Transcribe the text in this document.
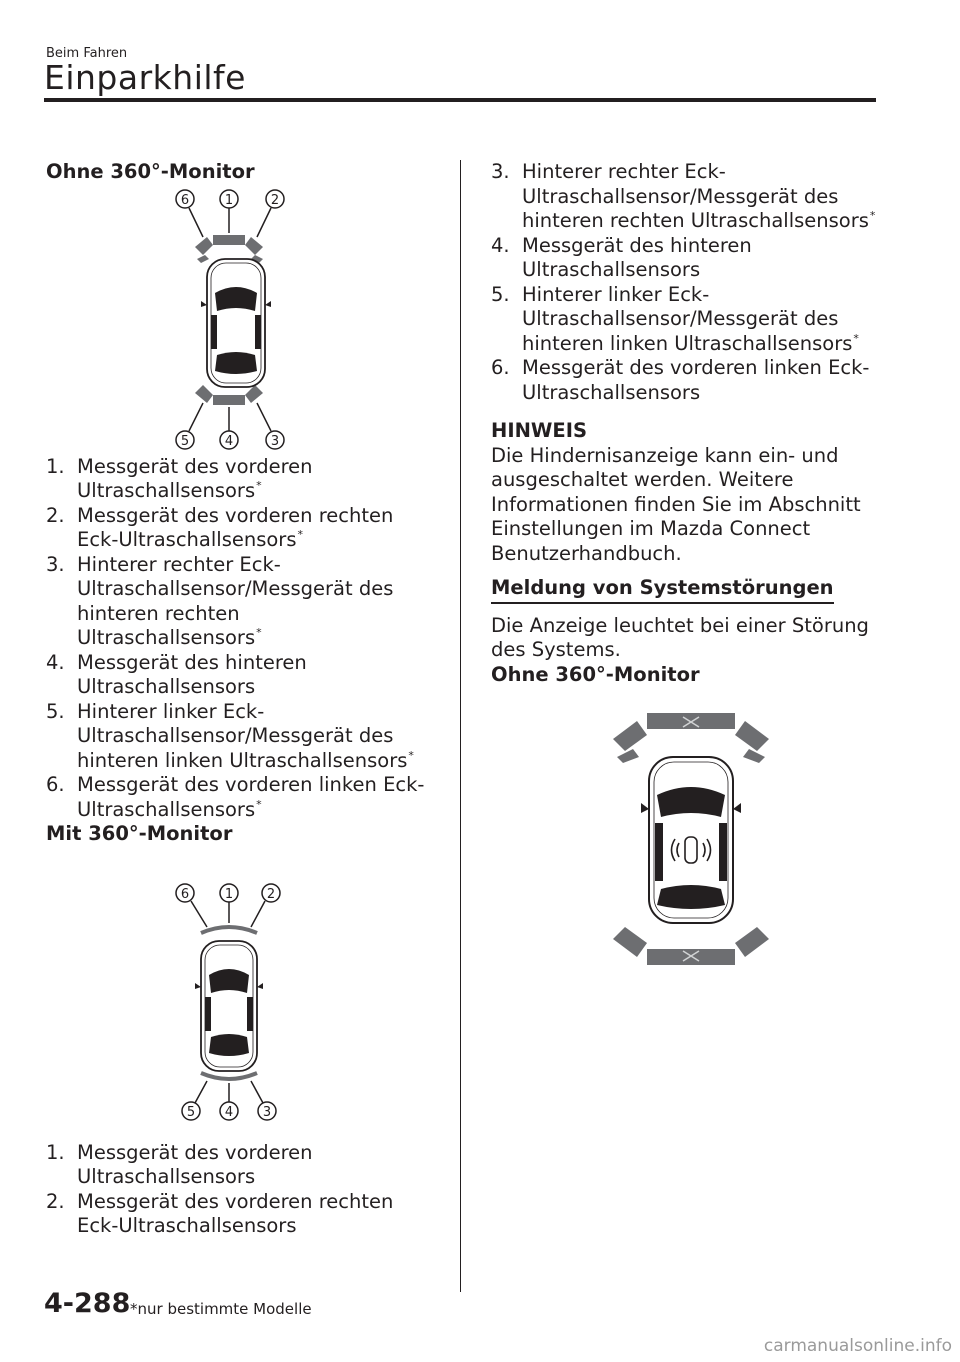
Beim Fahren
Einparkhilfe
Ohne 360°-Monitor
6	1	2
5	4	3
1. Messgerät des vorderen Ultraschallsensors*
2. Messgerät des vorderen rechten Eck-Ultraschallsensors*
3. Hinterer rechter Eck-Ultraschallsensor/Messgerät des hinteren rechten Ultraschallsensors*
4. Messgerät des hinteren Ultraschallsensors
5. Hinterer linker Eck-Ultraschallsensor/Messgerät des hinteren linken Ultraschallsensors*
6. Messgerät des vorderen linken Eck-Ultraschallsensors*
Mit 360°-Monitor
6	1	2
5 4 3
1. Messgerät des vorderen Ultraschallsensors
2. Messgerät des vorderen rechten Eck-Ultraschallsensors
3. Hinterer rechter Eck-Ultraschallsensor/Messgerät des hinteren rechten Ultraschallsensors*
4. Messgerät des hinteren Ultraschallsensors
5. Hinterer linker Eck-Ultraschallsensor/Messgerät des hinteren linken Ultraschallsensors*
6. Messgerät des vorderen linken Eck-Ultraschallsensors
HINWEIS
Die Hindernisanzeige kann ein- und ausgeschaltet werden. Weitere Informationen finden Sie im Abschnitt Einstellungen im Mazda Connect Benutzerhandbuch.
Meldung von Systemstörungen
Die Anzeige leuchtet bei einer Störung des Systems.
Ohne 360°-Monitor
4-288 *nur bestimmte Modelle
carmanualsonline.info
